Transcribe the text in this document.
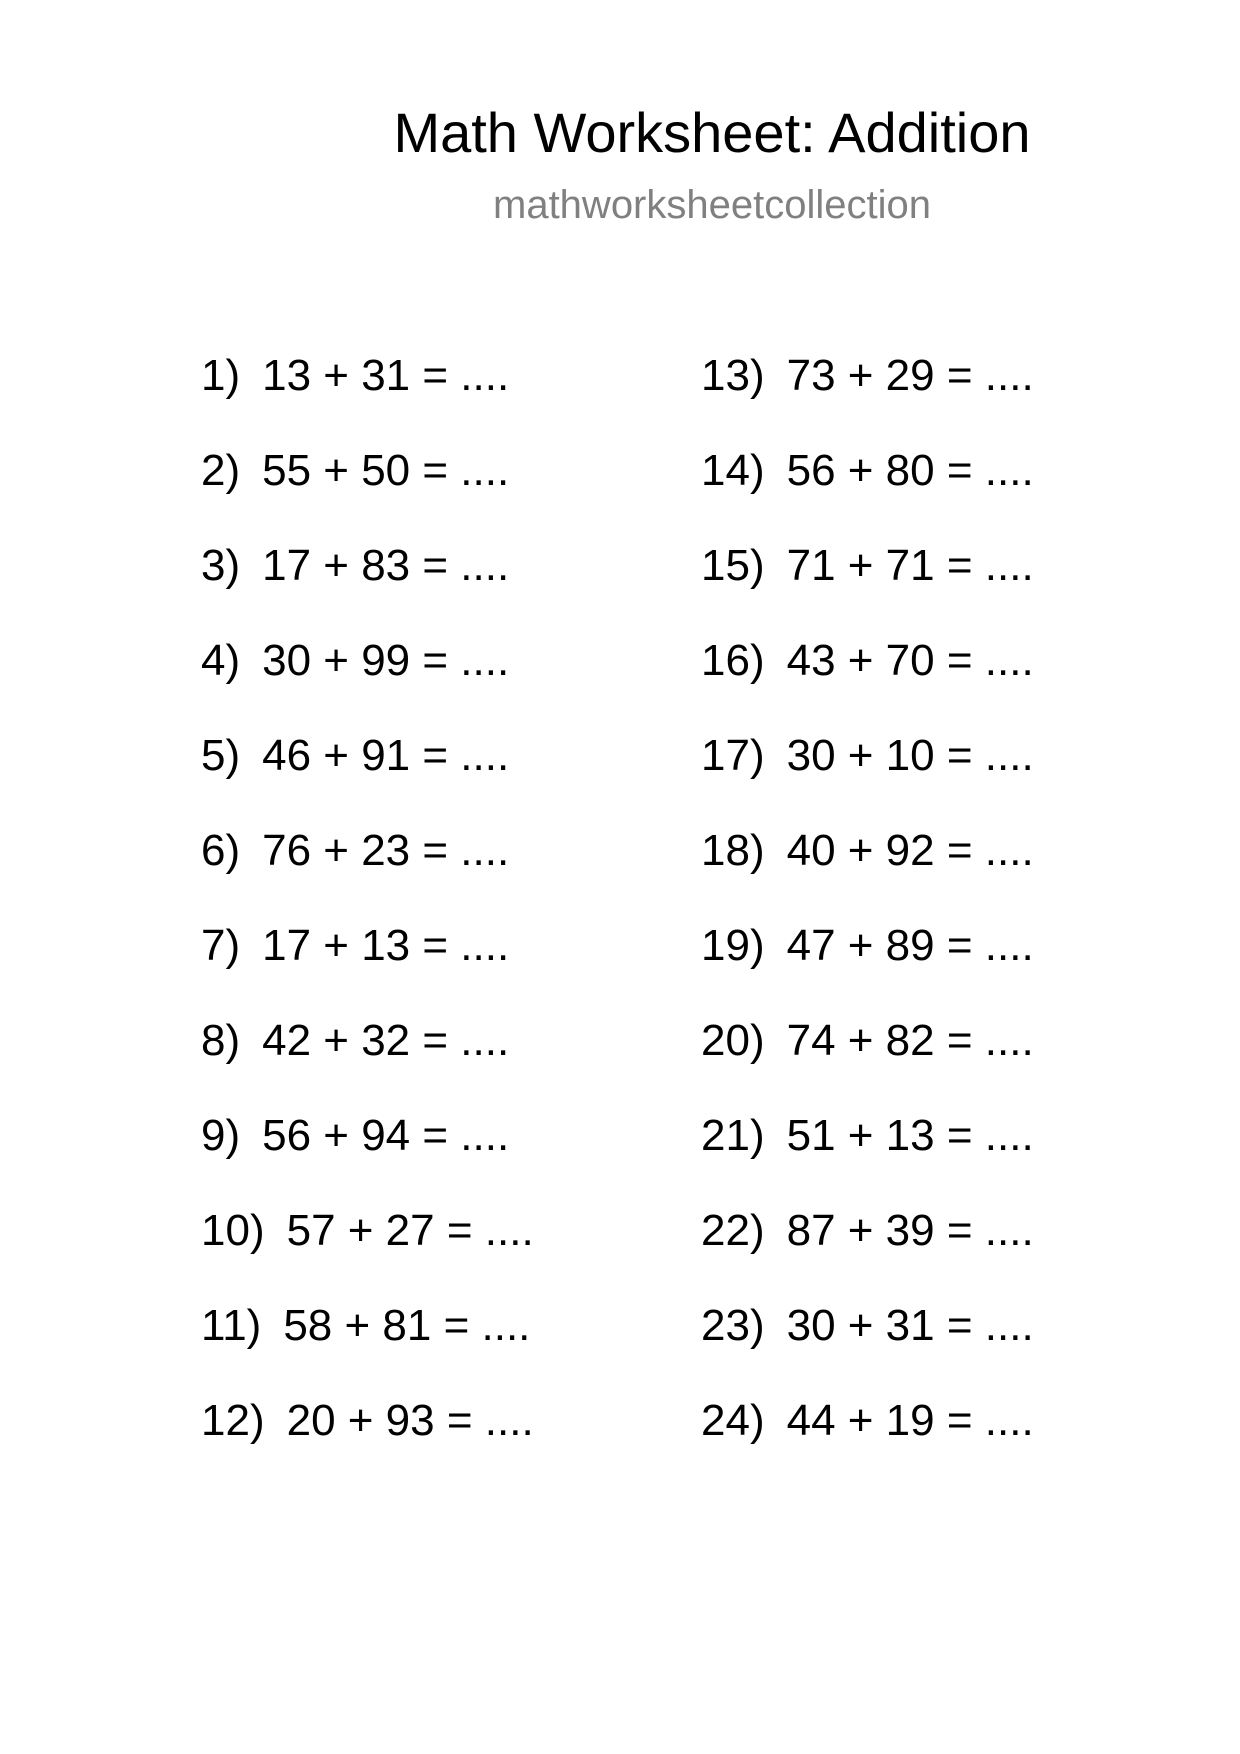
Math Worksheet: Addition
mathworksheetcollection
1) 13 + 31 = ....
2) 55 + 50 = ....
3) 17 + 83 = ....
4) 30 + 99 = ....
5) 46 + 91 = ....
6) 76 + 23 = ....
7) 17 + 13 = ....
8) 42 + 32 = ....
9) 56 + 94 = ....
10) 57 + 27 = ....
11) 58 + 81 = ....
12) 20 + 93 = ....
13) 73 + 29 = ....
14) 56 + 80 = ....
15) 71 + 71 = ....
16) 43 + 70 = ....
17) 30 + 10 = ....
18) 40 + 92 = ....
19) 47 + 89 = ....
20) 74 + 82 = ....
21) 51 + 13 = ....
22) 87 + 39 = ....
23) 30 + 31 = ....
24) 44 + 19 = ....
